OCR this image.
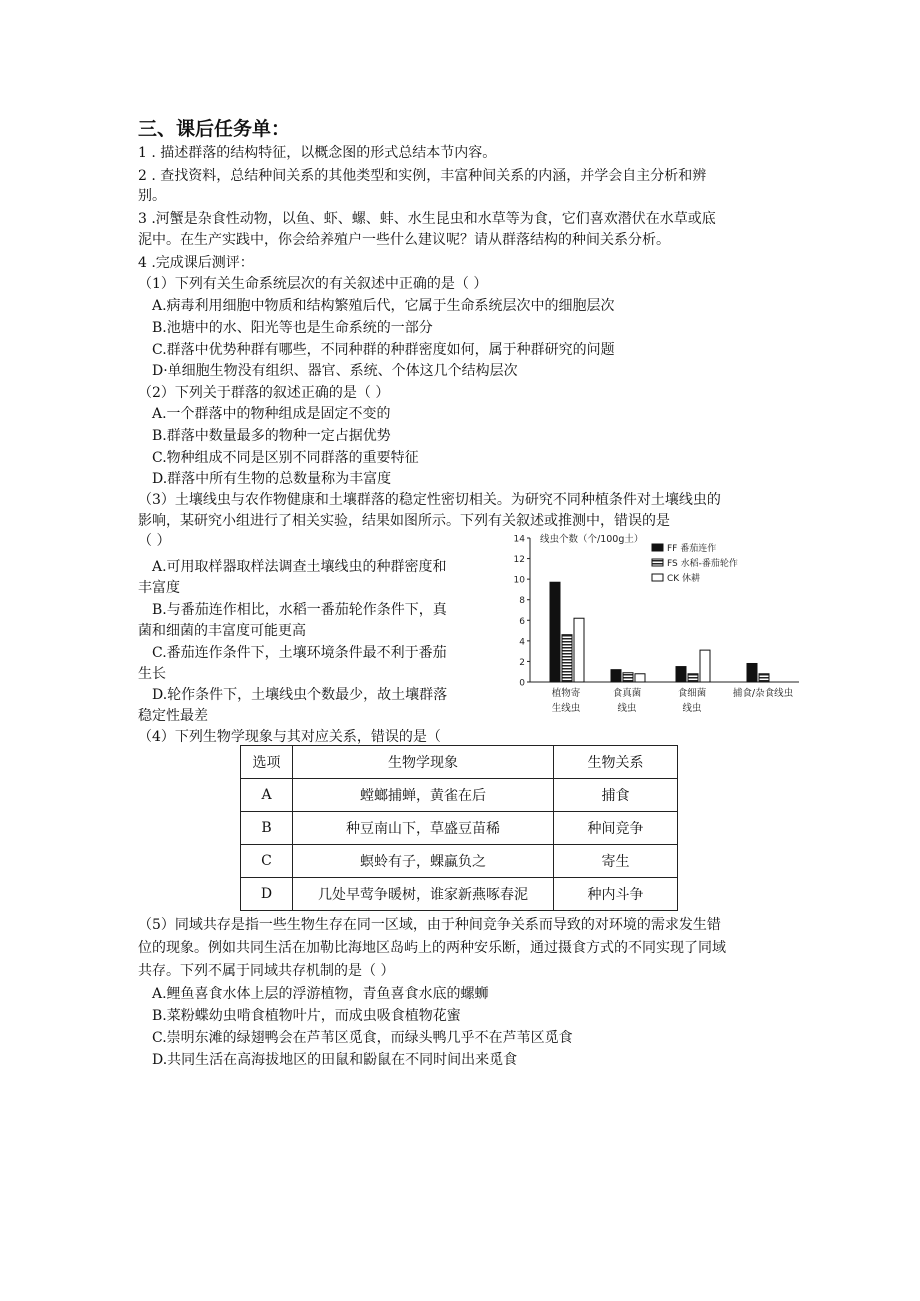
三、课后任务单：
1 . 描述群落的结构特征，以概念图的形式总结本节内容。
2 . 查找资料，总结种间关系的其他类型和实例，丰富种间关系的内涵，并学会自主分析和辨
别。
3 .河蟹是杂食性动物，以鱼、虾、螺、蚌、水生昆虫和水草等为食，它们喜欢潜伏在水草或底
泥中。在生产实践中，你会给养殖户一些什么建议呢？请从群落结构的种间关系分析。
4 .完成课后测评：
（1）下列有关生命系统层次的有关叙述中正确的是（ ）
A.病毒利用细胞中物质和结构繁殖后代，它属于生命系统层次中的细胞层次
B.池塘中的水、阳光等也是生命系统的一部分
C.群落中优势种群有哪些，不同种群的种群密度如何，属于种群研究的问题
D·单细胞生物没有组织、器官、系统、个体这几个结构层次
（2）下列关于群落的叙述正确的是（ ）
A.一个群落中的物种组成是固定不变的
B.群落中数量最多的物种一定占据优势
C.物种组成不同是区别不同群落的重要特征
D.群落中所有生物的总数量称为丰富度
（3）土壤线虫与农作物健康和土壤群落的稳定性密切相关。为研究不同种植条件对土壤线虫的
影响，某研究小组进行了相关实验，结果如图所示。下列有关叙述或推测中，错误的是
（ ）
A.可用取样器取样法调查土壤线虫的种群密度和
丰富度
B.与番茄连作相比，水稻一番茄轮作条件下，真
菌和细菌的丰富度可能更高
C.番茄连作条件下，土壤环境条件最不利于番茄
生长
D.轮作条件下，土壤线虫个数最少，故土壤群落
稳定性最差
0
2
4
6
8
10
12
14 线虫个数（个/100g土）
植物寄
生线虫
食真菌
线虫
食细菌
线虫
捕食/杂食线虫
FF 番茄连作
FS 水稻-番茄轮作
CK 休耕
（4）下列生物学现象与其对应关系，错误的是（
选项	生物学现象	生物关系
A	螳螂捕蝉，黄雀在后	捕食
B	种豆南山下，草盛豆苗稀	种间竞争
C	螟蛉有子，蜾蠃负之	寄生
D	几处早莺争暖树，谁家新燕啄春泥	种内斗争
（5）同域共存是指一些生物生存在同一区域，由于种间竞争关系而导致的对环境的需求发生错
位的现象。例如共同生活在加勒比海地区岛屿上的两种安乐断，通过摄食方式的不同实现了同域
共存。下列不属于同域共存机制的是（ ）
A.鲤鱼喜食水体上层的浮游植物，青鱼喜食水底的螺蛳
B.菜粉蝶幼虫啃食植物叶片，而成虫吸食植物花蜜
C.崇明东滩的绿翅鸭会在芦苇区觅食，而绿头鸭几乎不在芦苇区觅食
D.共同生活在高海拔地区的田鼠和鼢鼠在不同时间出来觅食
